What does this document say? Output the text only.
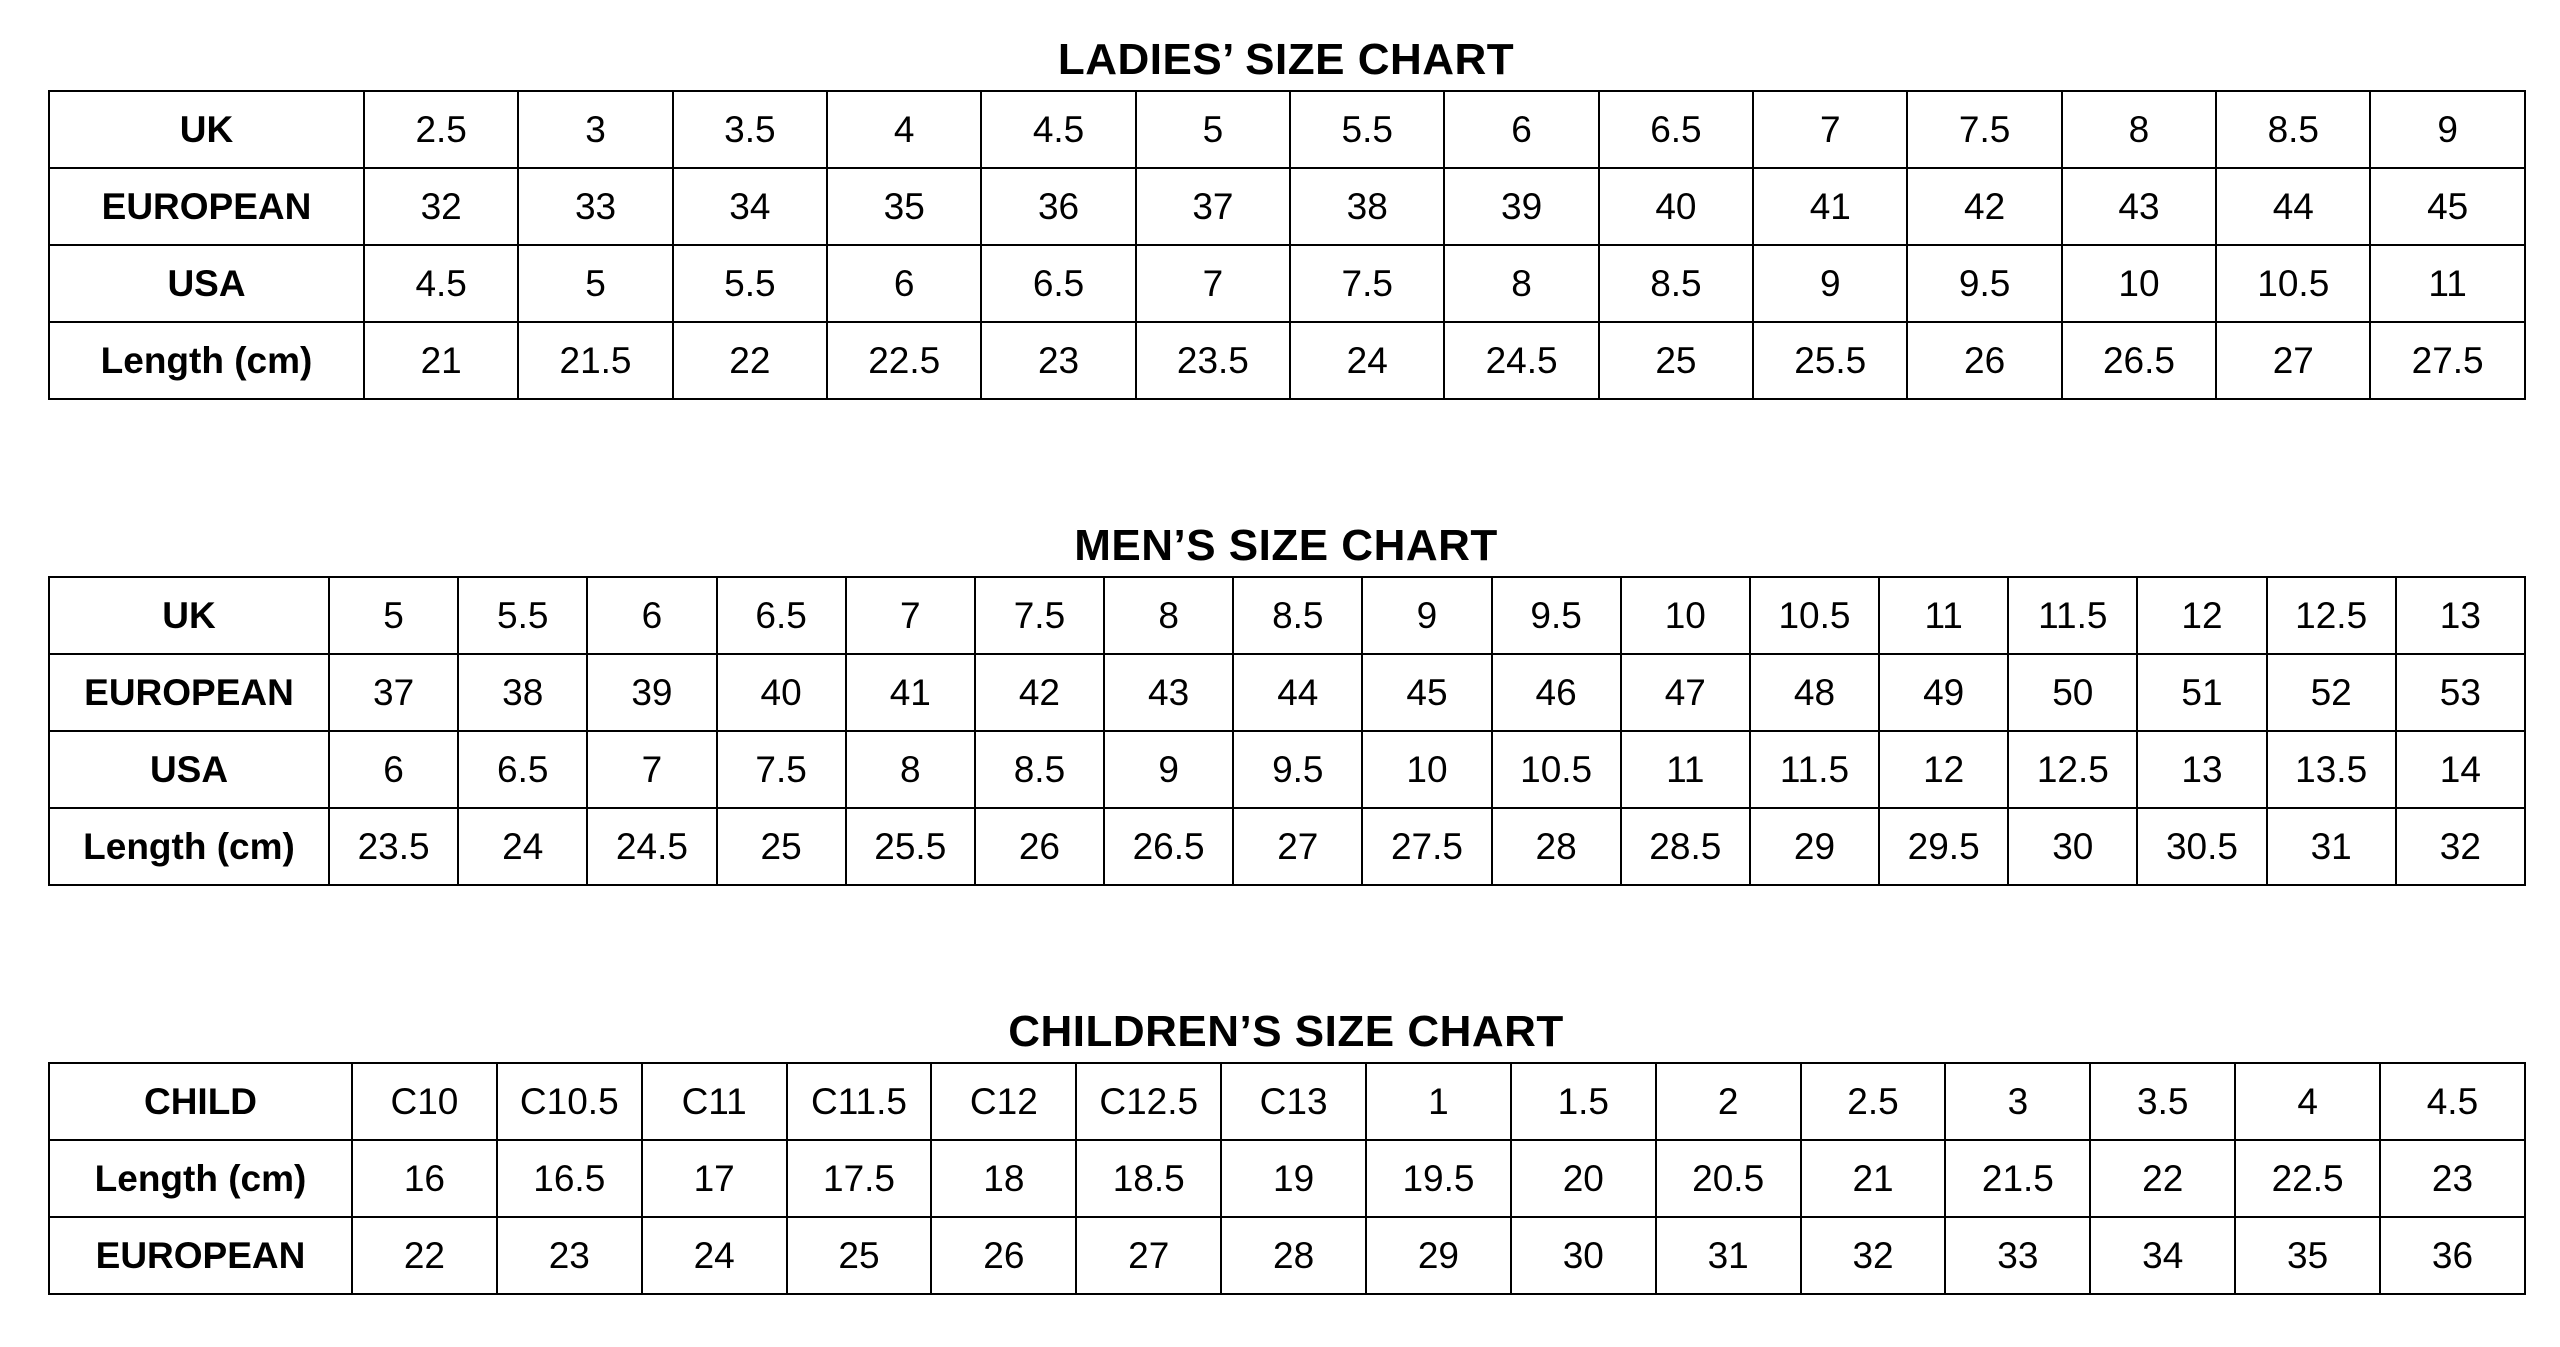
LADIES’ SIZE CHART
UK	2.5	3	3.5	4	4.5	5	5.5	6	6.5	7	7.5	8	8.5	9
EUROPEAN	32	33	34	35	36	37	38	39	40	41	42	43	44	45
USA	4.5	5	5.5	6	6.5	7	7.5	8	8.5	9	9.5	10	10.5	11
Length (cm)	21	21.5	22	22.5	23	23.5	24	24.5	25	25.5	26	26.5	27	27.5
MEN’S SIZE CHART
UK	5	5.5	6	6.5	7	7.5	8	8.5	9	9.5	10	10.5	11	11.5	12	12.5	13
EUROPEAN	37	38	39	40	41	42	43	44	45	46	47	48	49	50	51	52	53
USA	6	6.5	7	7.5	8	8.5	9	9.5	10	10.5	11	11.5	12	12.5	13	13.5	14
Length (cm)	23.5	24	24.5	25	25.5	26	26.5	27	27.5	28	28.5	29	29.5	30	30.5	31	32
CHILDREN’S SIZE CHART
CHILD	C10	C10.5	C11	C11.5	C12	C12.5	C13	1	1.5	2	2.5	3	3.5	4	4.5
Length (cm)	16	16.5	17	17.5	18	18.5	19	19.5	20	20.5	21	21.5	22	22.5	23
EUROPEAN	22	23	24	25	26	27	28	29	30	31	32	33	34	35	36
